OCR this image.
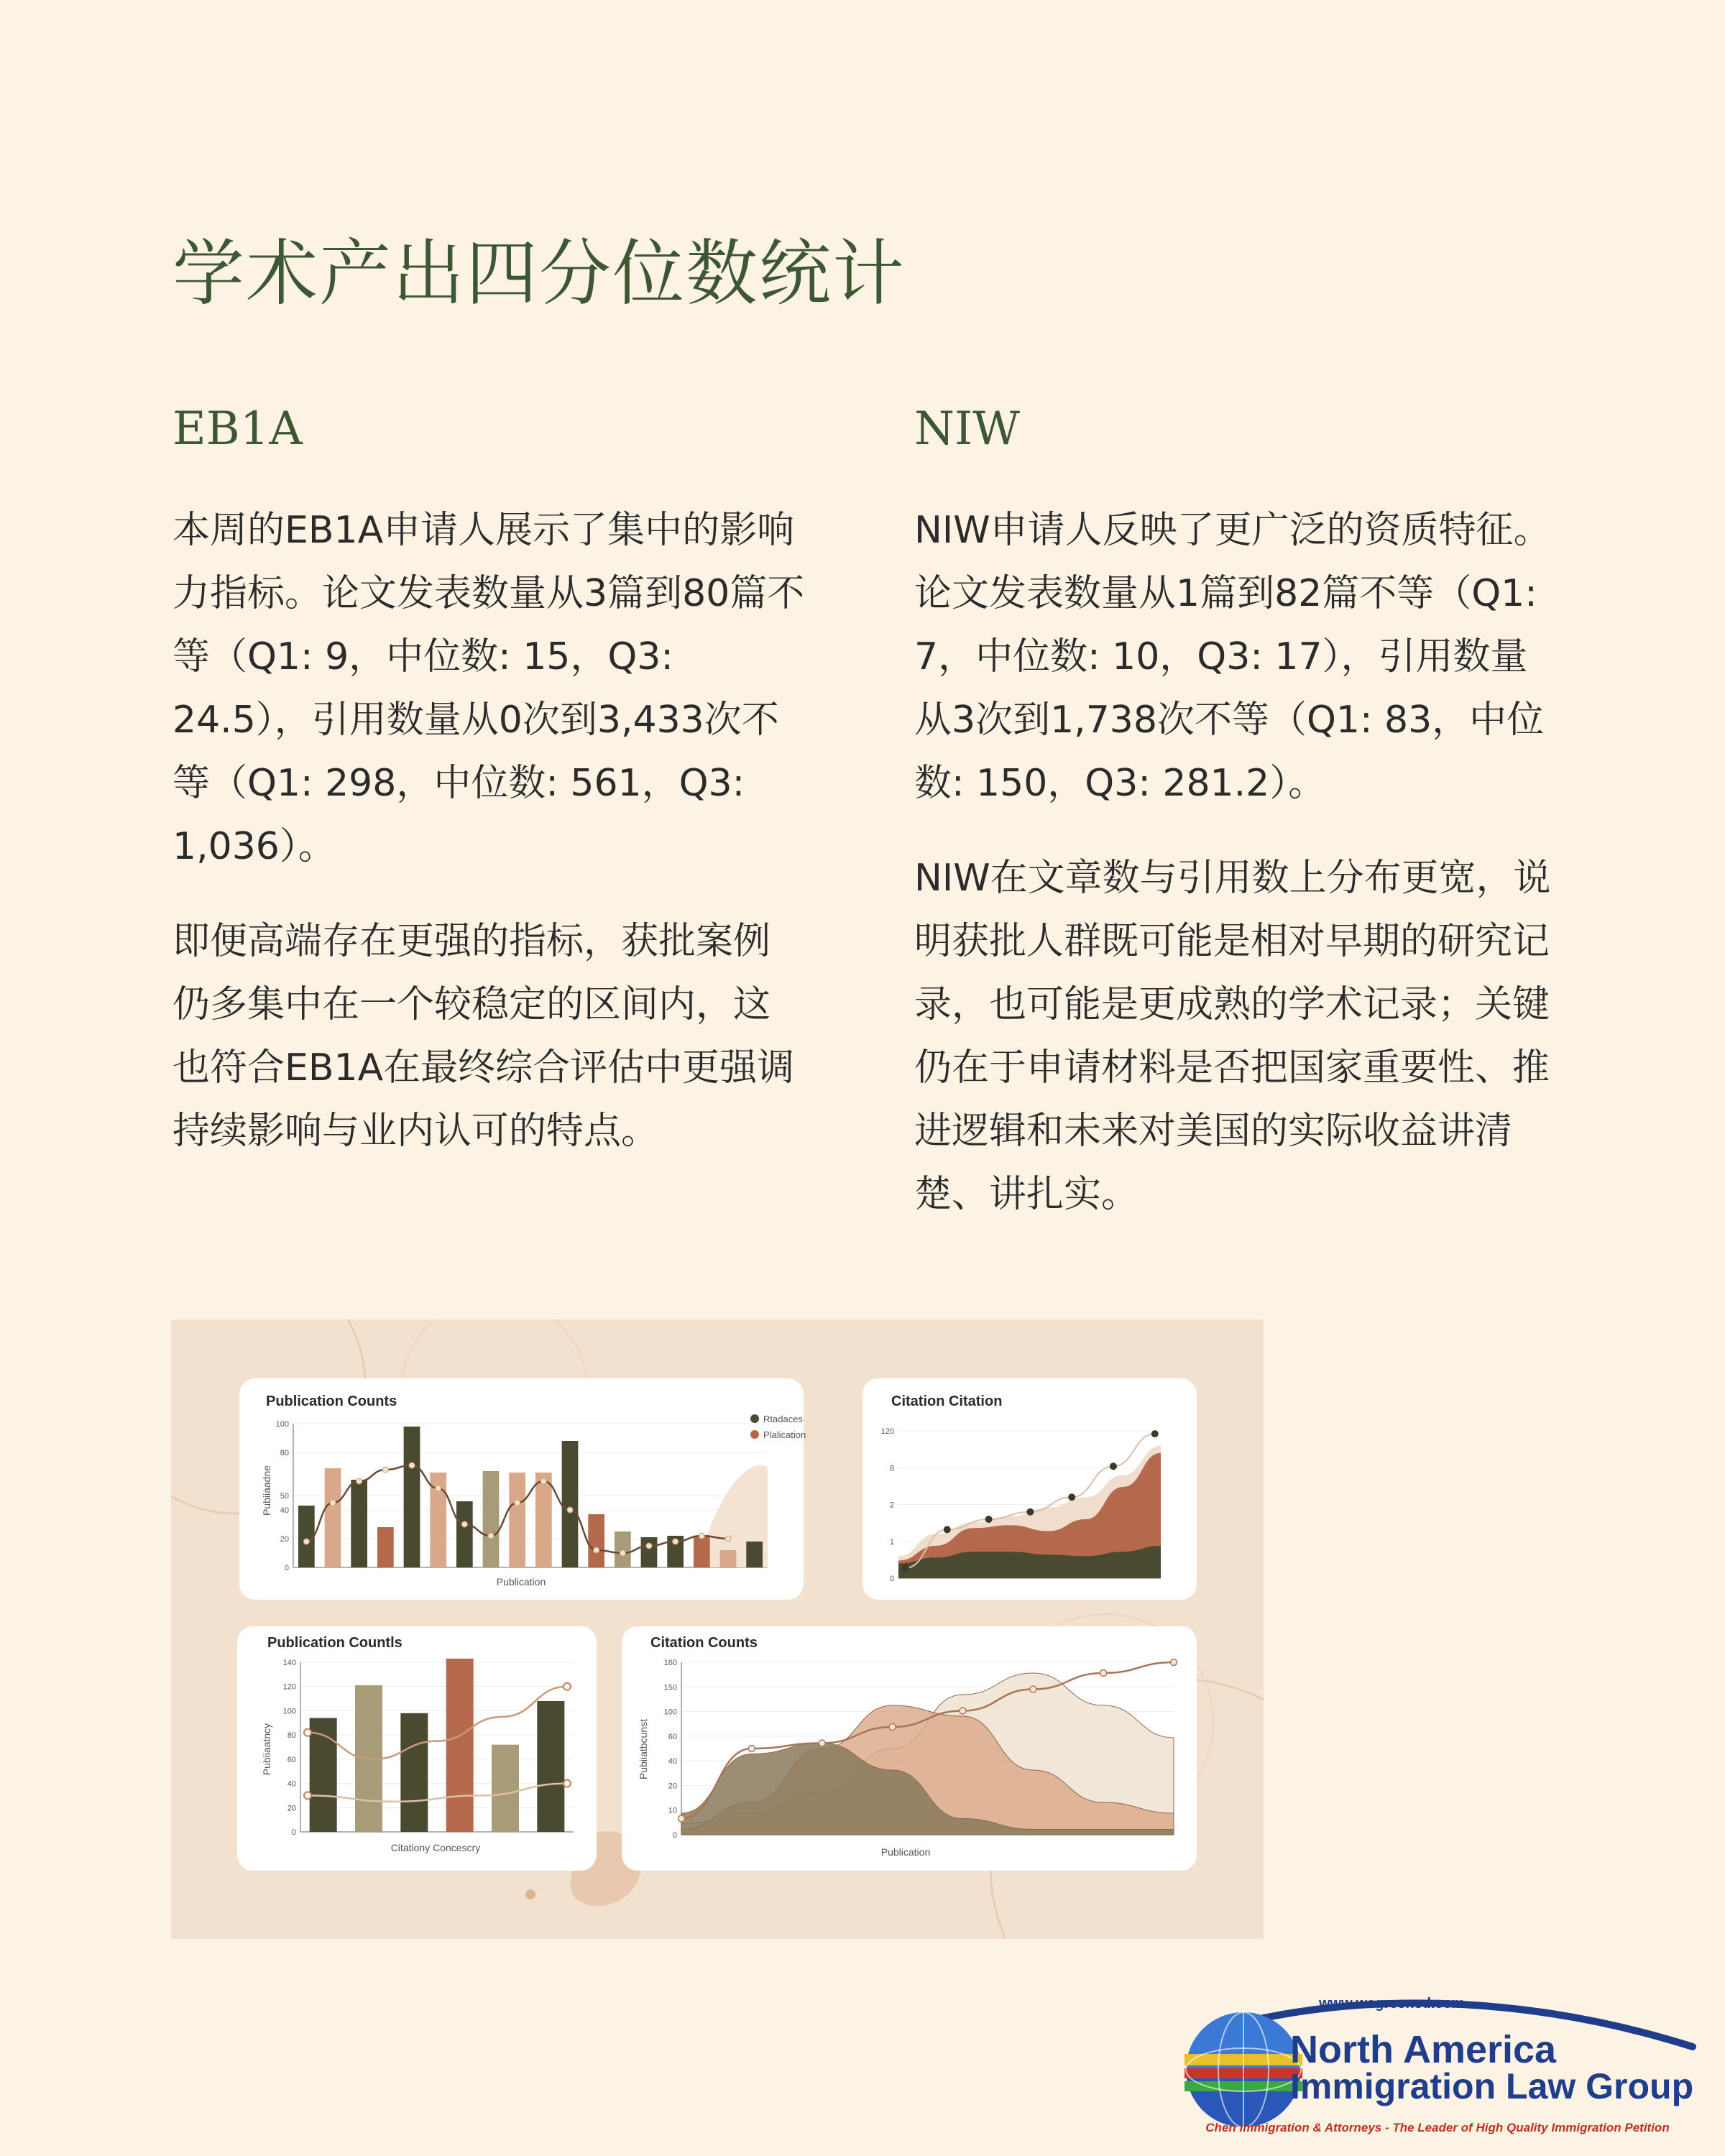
学术产出四分位数统计
EB1A

本周的EB1A申请人展示了集中的影响力指标。论文发表数量从3篇到80篇不等（Q1: 9，中位数: 15，Q3: 24.5），引用数量从0次到3,433次不等（Q1: 298，中位数: 561，Q3: 1,036）。

即便高端存在更强的指标，获批案例仍多集中在一个较稳定的区间内，这也符合EB1A在最终综合评估中更强调持续影响与业内认可的特点。

NIW

NIW申请人反映了更广泛的资质特征。论文发表数量从1篇到82篇不等（Q1: 7，中位数: 10，Q3: 17），引用数量从3次到1,738次不等（Q1: 83，中位数: 150，Q3: 281.2）。

NIW在文章数与引用数上分布更宽，说明获批人群既可能是相对早期的研究记录，也可能是更成熟的学术记录；关键仍在于申请材料是否把国家重要性、推进逻辑和未来对美国的实际收益讲清楚、讲扎实。

Publication Counts
Publication
Pubiiaadne
Rtadaces
Plalication
0
20
40
50
80
100
Citation Citation
0
1
2
8
120
Publication Countls
Citationy Concescry
Pubiiaatncy
0
20
40
60
80
100
120
140
Citation Counts
Publication
Pubiiatbcunst
0
10
20
40
60
100
150
160
www.wegreened.com
North America
Immigration Law Group
Chen Immigration & Attorneys - The Leader of High Quality Immigration Petition
